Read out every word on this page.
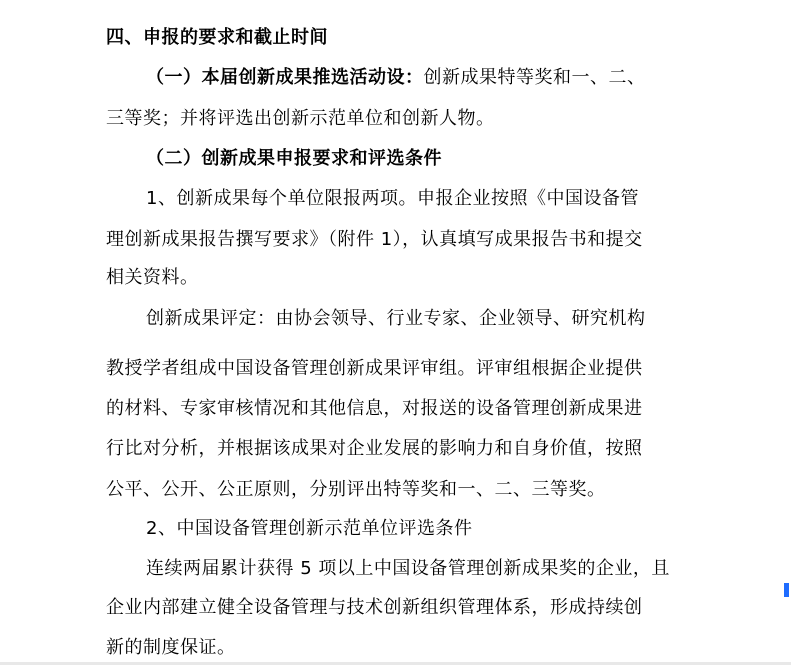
四、申报的要求和截止时间
（一）本届创新成果推选活动设：创新成果特等奖和一、二、
三等奖；并将评选出创新示范单位和创新人物。
（二）创新成果申报要求和评选条件
1、创新成果每个单位限报两项。申报企业按照《中国设备管
理创新成果报告撰写要求》（附件 1），认真填写成果报告书和提交
相关资料。
创新成果评定：由协会领导、行业专家、企业领导、研究机构
教授学者组成中国设备管理创新成果评审组。评审组根据企业提供
的材料、专家审核情况和其他信息，对报送的设备管理创新成果进
行比对分析，并根据该成果对企业发展的影响力和自身价值，按照
公平、公开、公正原则，分别评出特等奖和一、二、三等奖。
2、中国设备管理创新示范单位评选条件
连续两届累计获得 5 项以上中国设备管理创新成果奖的企业，且
企业内部建立健全设备管理与技术创新组织管理体系，形成持续创
新的制度保证。
